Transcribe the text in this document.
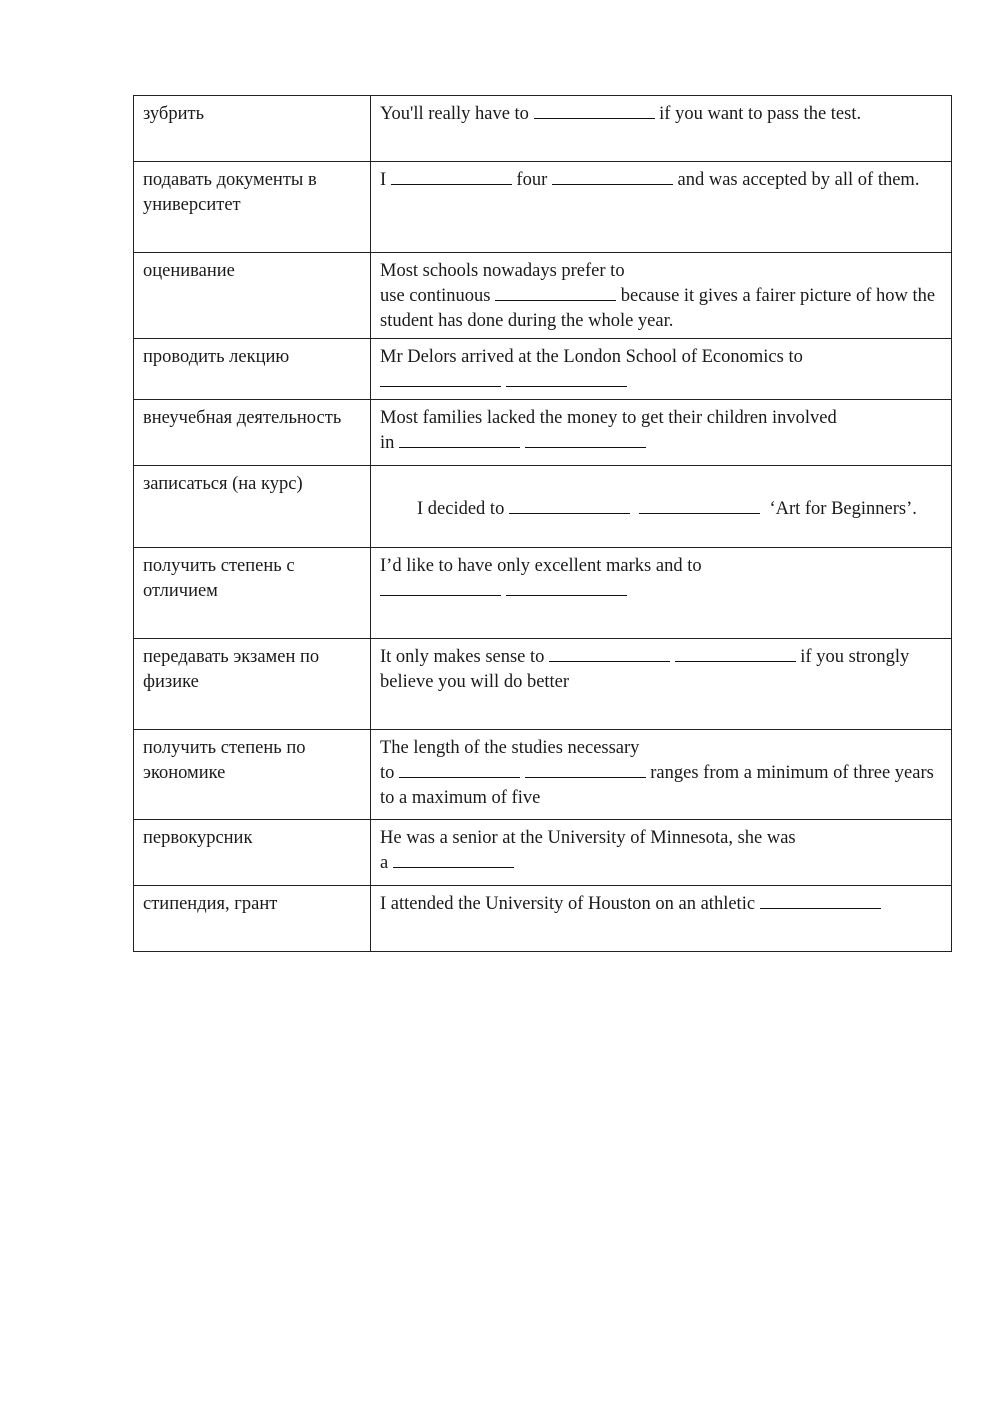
зубрить	You'll really have to if you want to pass the test.
подавать документы в университет	I four and was accepted by all of them.
оценивание	Most schools nowadays prefer to
use continuous because it gives a fairer picture of how the student has done during the whole year.
проводить лекцию	Mr Delors arrived at the London School of Economics to

внеучебная деятельность	Most families lacked the money to get their children involved
in
записаться (на курс)	I decided to ‘Art for Beginners’.

получить степень с отличием	I’d like to have only excellent marks and to

передавать экзамен по физике	It only makes sense to if you strongly believe you will do better
получить степень по экономике	The length of the studies necessary
to ranges from a minimum of three years to a maximum of five
первокурсник	He was a senior at the University of Minnesota, she was
a
стипендия, грант	I attended the University of Houston on an athletic
